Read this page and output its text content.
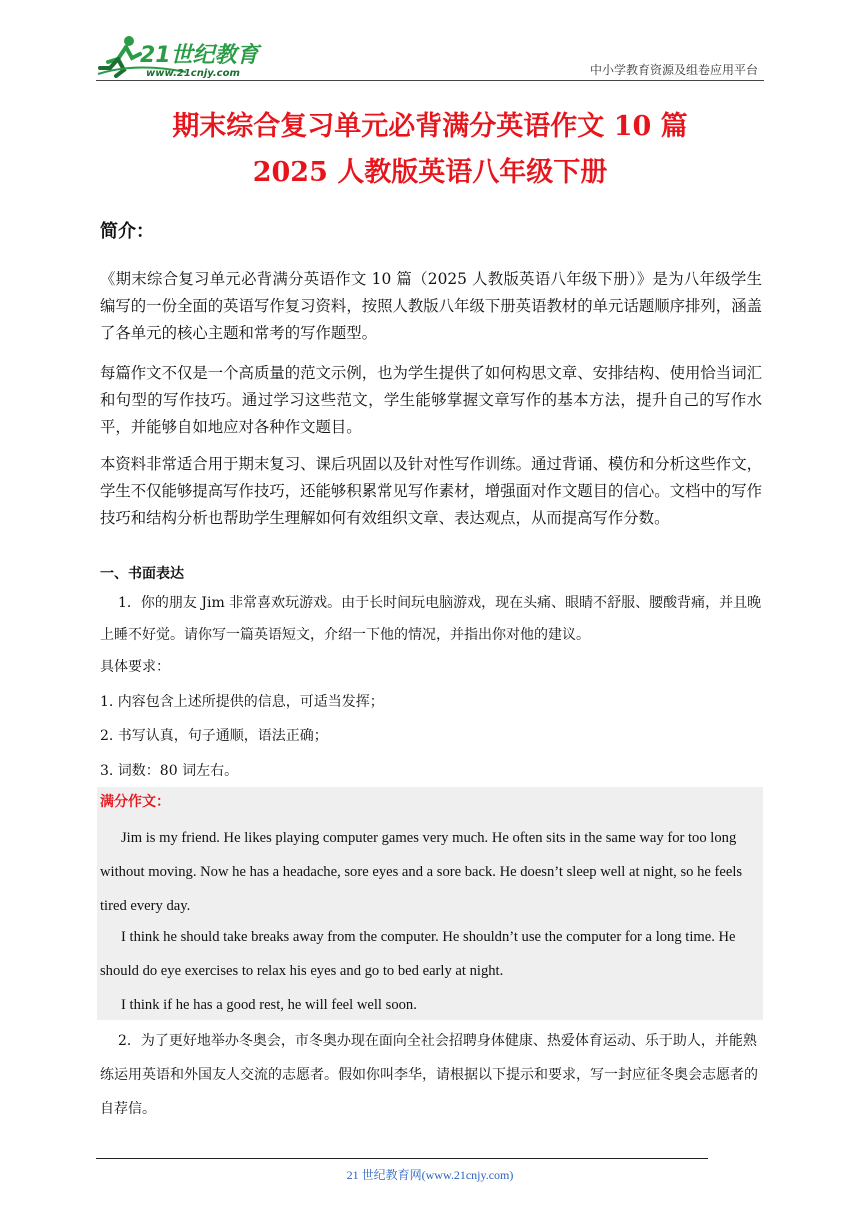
21世纪教育
www.21cnjy.com	中小学教育资源及组卷应用平台
期末综合复习单元必背满分英语作文 10 篇
2025 人教版英语八年级下册
简介：
《期末综合复习单元必背满分英语作文 10 篇（2025 人教版英语八年级下册）》是为八年级学生编写的一份全面的英语写作复习资料，按照人教版八年级下册英语教材的单元话题顺序排列，涵盖了各单元的核心主题和常考的写作题型。
每篇作文不仅是一个高质量的范文示例，也为学生提供了如何构思文章、安排结构、使用恰当词汇和句型的写作技巧。通过学习这些范文，学生能够掌握文章写作的基本方法，提升自己的写作水平，并能够自如地应对各种作文题目。
本资料非常适合用于期末复习、课后巩固以及针对性写作训练。通过背诵、模仿和分析这些作文，学生不仅能够提高写作技巧，还能够积累常见写作素材，增强面对作文题目的信心。文档中的写作技巧和结构分析也帮助学生理解如何有效组织文章、表达观点，从而提高写作分数。
一、书面表达
1．你的朋友 Jim 非常喜欢玩游戏。由于长时间玩电脑游戏，现在头痛、眼睛不舒服、腰酸背痛，并且晚上睡不好觉。请你写一篇英语短文，介绍一下他的情况，并指出你对他的建议。
具体要求：
1. 内容包含上述所提供的信息，可适当发挥；
2. 书写认真，句子通顺，语法正确；
3. 词数：80 词左右。
满分作文：
Jim is my friend. He likes playing computer games very much. He often sits in the same way for too long without moving. Now he has a headache, sore eyes and a sore back. He doesn’t sleep well at night, so he feels tired every day.
I think he should take breaks away from the computer. He shouldn’t use the computer for a long time. He should do eye exercises to relax his eyes and go to bed early at night.
I think if he has a good rest, he will feel well soon.
2．为了更好地举办冬奥会，市冬奥办现在面向全社会招聘身体健康、热爱体育运动、乐于助人，并能熟练运用英语和外国友人交流的志愿者。假如你叫李华，请根据以下提示和要求，写一封应征冬奥会志愿者的自荐信。
21 世纪教育网(www.21cnjy.com)
